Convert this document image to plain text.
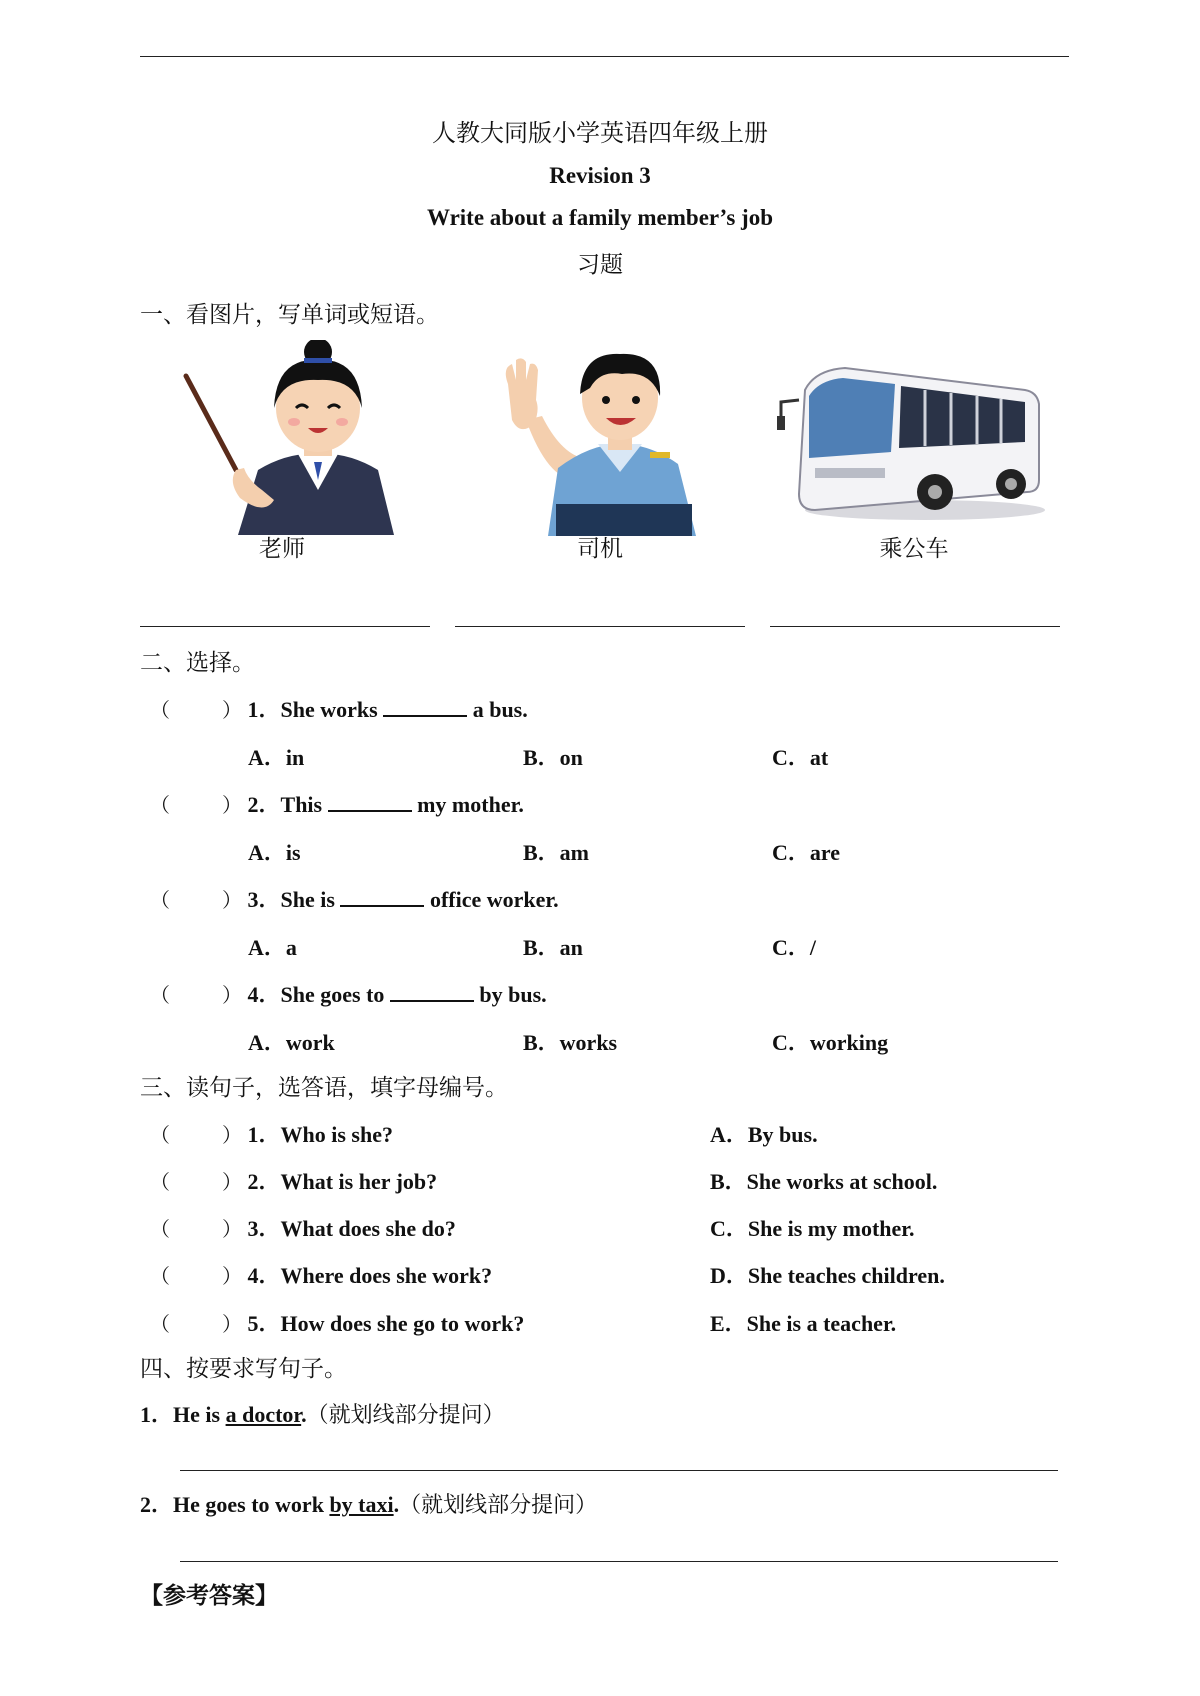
人教大同版小学英语四年级上册
Revision 3
Write about a family member’s job
习题
一、看图片，写单词或短语。
老师	司机	乘公车
二、选择。
（	） 1．She works	a bus.
A．in	B．on	C．at
（	） 2．This	my mother.
A．is	B．am	C．are
（	） 3．She is	office worker.
A．a	B．an	C．/
（	） 4．She goes to	by bus.
A．work	B．works	C．working
三、读句子，选答语，填字母编号。
（	） 1．Who is she?	A．By bus.
（	） 2．What is her job?	B．She works at school.
（	） 3．What does she do?	C．She is my mother.
（	） 4．Where does she work?	D．She teaches children.
（	） 5．How does she go to work?	E．She is a teacher.
四、按要求写句子。
1．He is a doctor.（就划线部分提问）
2．He goes to work by taxi.（就划线部分提问）
【参考答案】
